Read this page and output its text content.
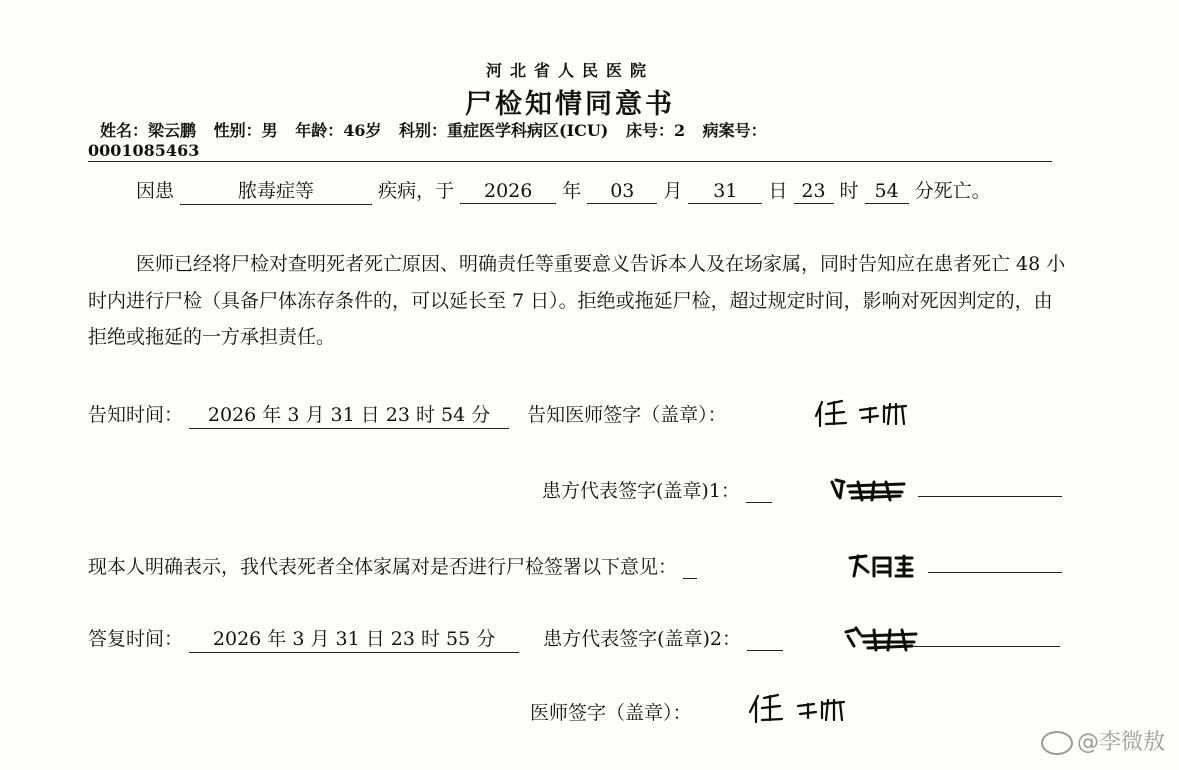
河北省人民医院
尸检知情同意书
姓名：梁云鹏 性别：男 年龄：46岁 科别：重症医学科病区(ICU) 床号：2 病案号：
0001085463
因患	脓毒症等	疾病，于 2026 年 03 月 31 日 23 时 54 分死亡。
医师已经将尸检对查明死者死亡原因、明确责任等重要意义告诉本人及在场家属，同时告知应在患者死亡 48 小时内进行尸检（具备尸体冻存条件的，可以延长至 7 日）。拒绝或拖延尸检，超过规定时间，影响对死因判定的，由拒绝或拖延的一方承担责任。
告知时间： 2026 年 3 月 31 日 23 时 54 分 告知医师签字（盖章）：
患方代表签字(盖章)1：
现本人明确表示，我代表死者全体家属对是否进行尸检签署以下意见：
答复时间： 2026 年 3 月 31 日 23 时 55 分	患方代表签字(盖章)2：
医师签字（盖章）：
@李微敖
